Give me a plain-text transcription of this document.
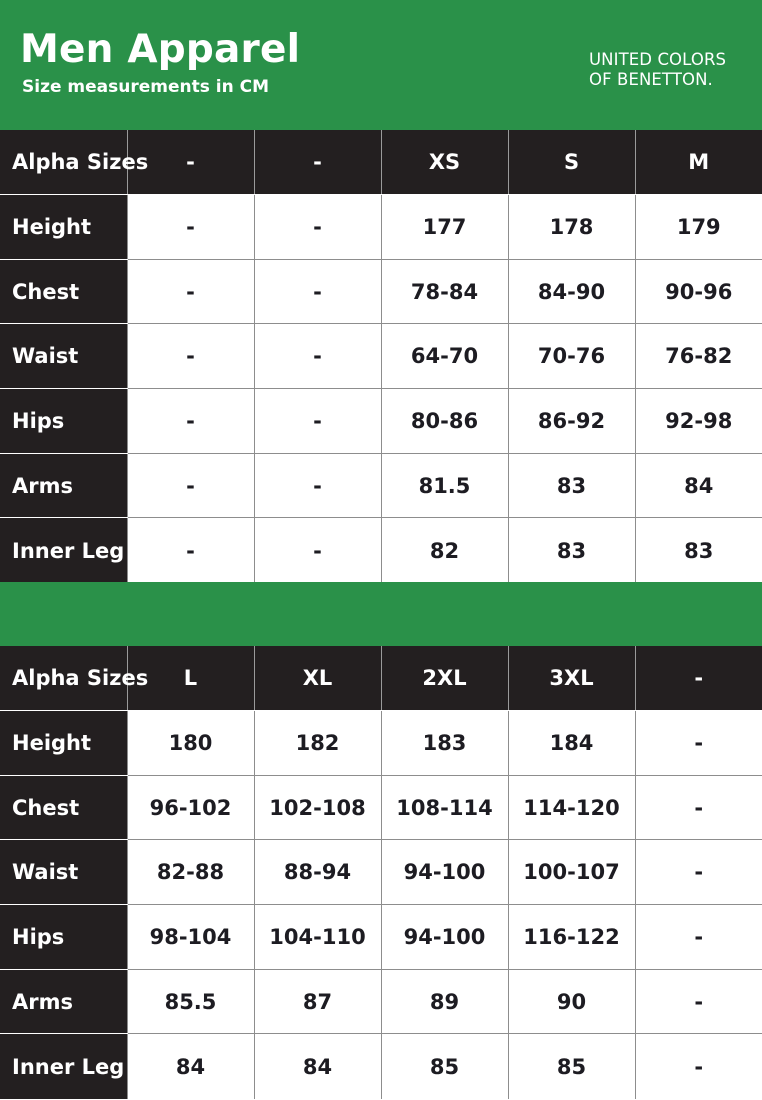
Men Apparel
Size measurements in CM
UNITED COLORS
OF BENETTON.
Alpha Sizes	-	-	XS	S	M
Height	-	-	177	178	179
Chest	-	-	78-84	84-90	90-96
Waist	-	-	64-70	70-76	76-82
Hips	-	-	80-86	86-92	92-98
Arms	-	-	81.5	83	84
Inner Leg	-	-	82	83	83
Alpha Sizes	L	XL	2XL	3XL	-
Height	180	182	183	184	-
Chest	96-102	102-108	108-114	114-120	-
Waist	82-88	88-94	94-100	100-107	-
Hips	98-104	104-110	94-100	116-122	-
Arms	85.5	87	89	90	-
Inner Leg	84	84	85	85	-
